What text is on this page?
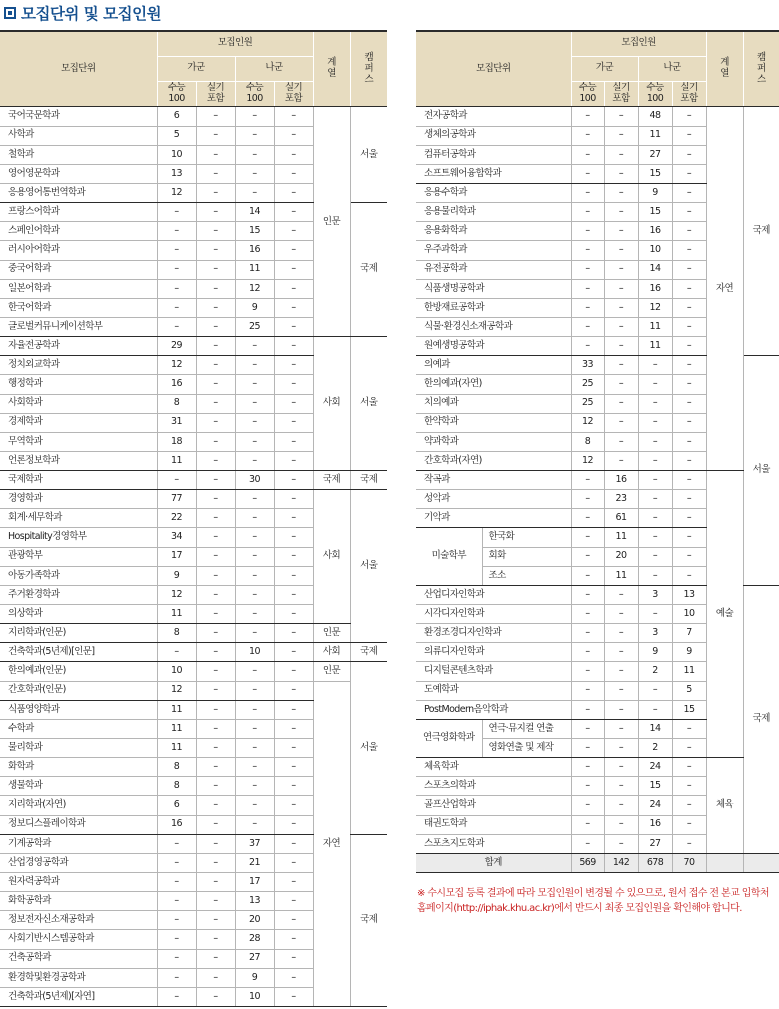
모집단위 및 모집인원
모집단위	모집인원				계
열	캠
퍼
스
	가군		나군			
	수능
100	실기
포함	수능
100	실기
포함		
국어국문학과	6	–	–	–	인문	서울
사학과	5	–	–	–		
철학과	10	–	–	–		
영어영문학과	13	–	–	–		
응용영어통번역학과	12	–	–	–		
프랑스어학과	–	–	14	–		국제
스페인어학과	–	–	15	–		
러시아어학과	–	–	16	–		
중국어학과	–	–	11	–		
일본어학과	–	–	12	–		
한국어학과	–	–	9	–		
글로벌커뮤니케이션학부	–	–	25	–		
자율전공학과	29	–	–	–	사회	서울
정치외교학과	12	–	–	–		
행정학과	16	–	–	–		
사회학과	8	–	–	–		
경제학과	31	–	–	–		
무역학과	18	–	–	–		
언론정보학과	11	–	–	–		
국제학과	–	–	30	–	국제	국제
경영학과	77	–	–	–	사회	서울
회계·세무학과	22	–	–	–		
Hospitality경영학부	34	–	–	–		
관광학부	17	–	–	–		
아동가족학과	9	–	–	–		
주거환경학과	12	–	–	–		
의상학과	11	–	–	–		
지리학과(인문)	8	–	–	–	인문	
건축학과(5년제)[인문]	–	–	10	–	사회	국제
한의예과(인문)	10	–	–	–	인문	서울
간호학과(인문)	12	–	–	–	자연	
식품영양학과	11	–	–	–		
수학과	11	–	–	–		
물리학과	11	–	–	–		
화학과	8	–	–	–		
생물학과	8	–	–	–		
지리학과(자연)	6	–	–	–		
정보디스플레이학과	16	–	–	–		
기계공학과	–	–	37	–		국제
산업경영공학과	–	–	21	–		
원자력공학과	–	–	17	–		
화학공학과	–	–	13	–		
정보전자신소재공학과	–	–	20	–		
사회기반시스템공학과	–	–	28	–		
건축공학과	–	–	27	–		
환경학및환경공학과	–	–	9	–		
건축학과(5년제)[자연]	–	–	10	–		
모집단위		모집인원				계
열	캠
퍼
스
		가군		나군			
		수능
100	실기
포함	수능
100	실기
포함		
전자공학과		–	–	48	–	자연	국제
생체의공학과		–	–	11	–		
컴퓨터공학과		–	–	27	–		
소프트웨어융합학과		–	–	15	–		
응용수학과		–	–	9	–		
응용물리학과		–	–	15	–		
응용화학과		–	–	16	–		
우주과학과		–	–	10	–		
유전공학과		–	–	14	–		
식품생명공학과		–	–	16	–		
한방재료공학과		–	–	12	–		
식물·환경신소재공학과		–	–	11	–		
원예생명공학과		–	–	11	–		
의예과		33	–	–	–		서울
한의예과(자연)		25	–	–	–		
치의예과		25	–	–	–		
한약학과		12	–	–	–		
약과학과		8	–	–	–		
간호학과(자연)		12	–	–	–		
작곡과		–	16	–	–	예술	
성악과		–	23	–	–		
기악과		–	61	–	–		
미술학부	한국화	–	11	–	–		
	회화	–	20	–	–		
	조소	–	11	–	–		
산업디자인학과		–	–	3	13		국제
시각디자인학과		–	–	–	10		
환경조경디자인학과		–	–	3	7		
의류디자인학과		–	–	9	9		
디지털콘텐츠학과		–	–	2	11		
도예학과		–	–	–	5		
PostModern음악학과		–	–	–	15		
연극영화학과	연극·뮤지컬 연출	–	–	14	–		
	영화연출 및 제작	–	–	2	–		
체육학과		–	–	24	–	체육	
스포츠의학과		–	–	15	–		
골프산업학과		–	–	24	–		
태권도학과		–	–	16	–		
스포츠지도학과		–	–	27	–		
합계		569	142	678	70		
※ 수시모집 등록 결과에 따라 모집인원이 변경될 수 있으므로, 원서 접수 전 본교 입학처 홈페이지(http://iphak.khu.ac.kr)에서 반드시 최종 모집인원을 확인해야 합니다.
